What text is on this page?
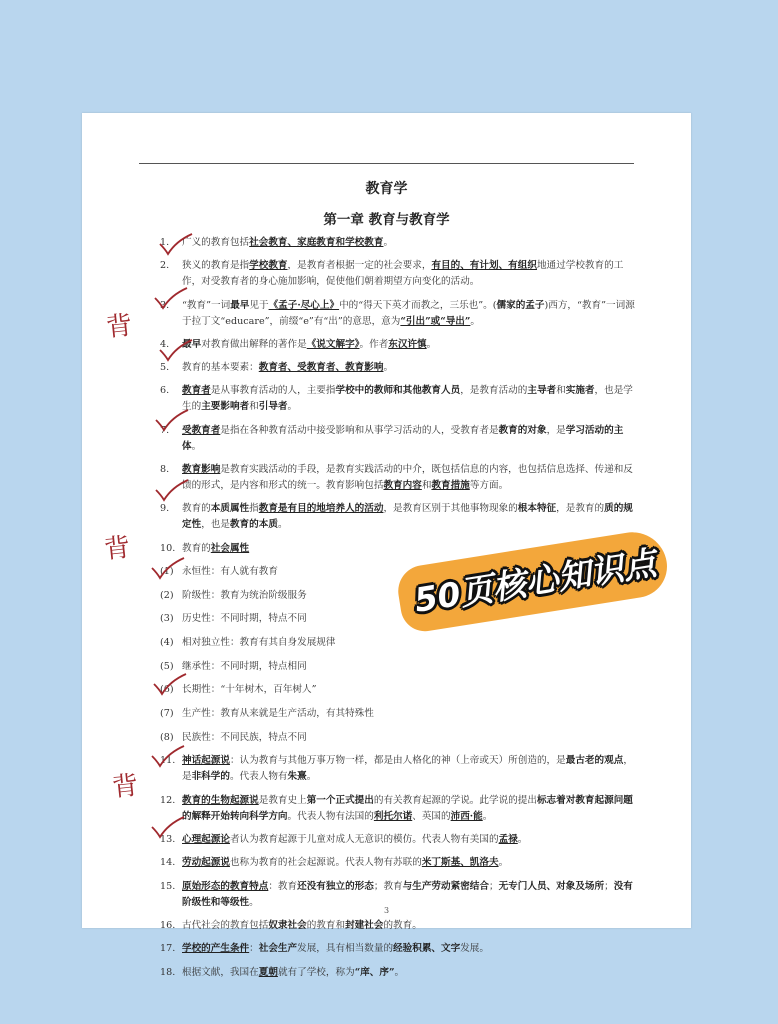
教育学
第一章 教育与教育学
1.	广义的教育包括社会教育、家庭教育和学校教育。
2.	狭义的教育是指学校教育，是教育者根据一定的社会要求，有目的、有计划、有组织地通过学校教育的工作，对受教育者的身心施加影响，促使他们朝着期望方向变化的活动。
3.	“教育”一词最早见于《孟子·尽心上》中的“得天下英才而教之，三乐也”。(儒家的孟子)西方，“教育”一词源于拉丁文“educare”，前缀“e”有“出”的意思，意为“引出”或“导出”。
4.	最早对教育做出解释的著作是《说文解字》。作者东汉许慎。
5.	教育的基本要素：教育者、受教育者、教育影响。
6.	教育者是从事教育活动的人，主要指学校中的教师和其他教育人员，是教育活动的主导者和实施者，也是学生的主要影响者和引导者。
7.	受教育者是指在各种教育活动中接受影响和从事学习活动的人，受教育者是教育的对象，是学习活动的主体。
8.	教育影响是教育实践活动的手段，是教育实践活动的中介，既包括信息的内容，也包括信息选择、传递和反馈的形式，是内容和形式的统一。教育影响包括教育内容和教育措施等方面。
9.	教育的本质属性指教育是有目的地培养人的活动，是教育区别于其他事物现象的根本特征，是教育的质的规定性，也是教育的本质。
10. 教育的社会属性
(1) 永恒性：有人就有教育
(2) 阶级性：教育为统治阶级服务
(3) 历史性：不同时期，特点不同
(4) 相对独立性：教育有其自身发展规律
(5) 继承性：不同时期，特点相同
(6) 长期性：“十年树木，百年树人”
(7) 生产性：教育从来就是生产活动，有其特殊性
(8) 民族性：不同民族，特点不同
11. 神话起源说：认为教育与其他万事万物一样，都是由人格化的神（上帝或天）所创造的，是最古老的观点，是非科学的。代表人物有朱熹。
12. 教育的生物起源说是教育史上第一个正式提出的有关教育起源的学说。此学说的提出标志着对教育起源问题的解释开始转向科学方向。代表人物有法国的利托尔诺、英国的沛西·能。
13. 心理起源论者认为教育起源于儿童对成人无意识的模仿。代表人物有美国的孟禄。
14. 劳动起源说也称为教育的社会起源说。代表人物有苏联的米丁斯基、凯洛夫。
15. 原始形态的教育特点：教育还没有独立的形态；教育与生产劳动紧密结合；无专门人员、对象及场所；没有阶级性和等级性。
16. 古代社会的教育包括奴隶社会的教育和封建社会的教育。
17. 学校的产生条件：社会生产发展，具有相当数量的经验积累、文字发展。
18. 根据文献，我国在夏朝就有了学校，称为“庠、序”。
3
背
背
背
50页核心知识点
